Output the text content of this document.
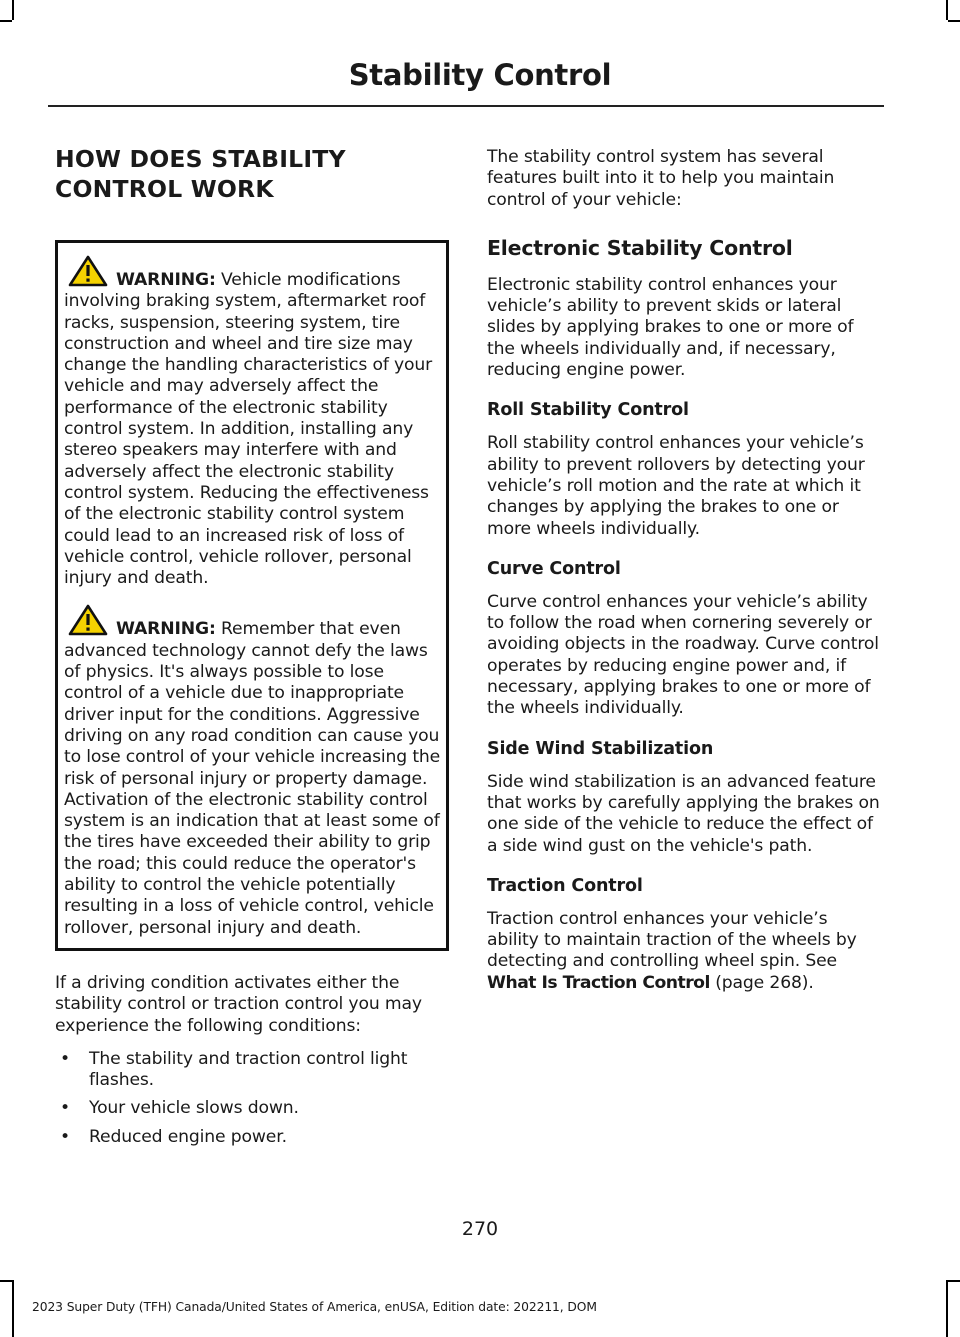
Stability Control
HOW DOES STABILITY
CONTROL WORK

WARNING: Vehicle modifications involving braking system, aftermarket roof racks, suspension, steering system, tire construction and wheel and tire size may change the handling characteristics of your vehicle and may adversely affect the performance of the electronic stability control system. In addition, installing any stereo speakers may interfere with and adversely affect the electronic stability control system. Reducing the effectiveness of the electronic stability control system could lead to an increased risk of loss of vehicle control, vehicle rollover, personal injury and death.

WARNING: Remember that even advanced technology cannot defy the laws of physics. It's always possible to lose control of a vehicle due to inappropriate driver input for the conditions. Aggressive driving on any road condition can cause you to lose control of your vehicle increasing the risk of personal injury or property damage. Activation of the electronic stability control system is an indication that at least some of the tires have exceeded their ability to grip the road; this could reduce the operator's ability to control the vehicle potentially resulting in a loss of vehicle control, vehicle rollover, personal injury and death.

If a driving condition activates either the stability control or traction control you may experience the following conditions:

• The stability and traction control light flashes.
• Your vehicle slows down.
• Reduced engine power.

The stability control system has several features built into it to help you maintain control of your vehicle:

Electronic Stability Control

Electronic stability control enhances your vehicle’s ability to prevent skids or lateral slides by applying brakes to one or more of the wheels individually and, if necessary, reducing engine power.

Roll Stability Control

Roll stability control enhances your vehicle’s ability to prevent rollovers by detecting your vehicle’s roll motion and the rate at which it changes by applying the brakes to one or more wheels individually.

Curve Control

Curve control enhances your vehicle’s ability to follow the road when cornering severely or avoiding objects in the roadway. Curve control operates by reducing engine power and, if necessary, applying brakes to one or more of the wheels individually.

Side Wind Stabilization

Side wind stabilization is an advanced feature that works by carefully applying the brakes on one side of the vehicle to reduce the effect of a side wind gust on the vehicle's path.

Traction Control

Traction control enhances your vehicle’s ability to maintain traction of the wheels by detecting and controlling wheel spin. See What Is Traction Control (page 268).

270
2023 Super Duty (TFH) Canada/United States of America, enUSA, Edition date: 202211, DOM
